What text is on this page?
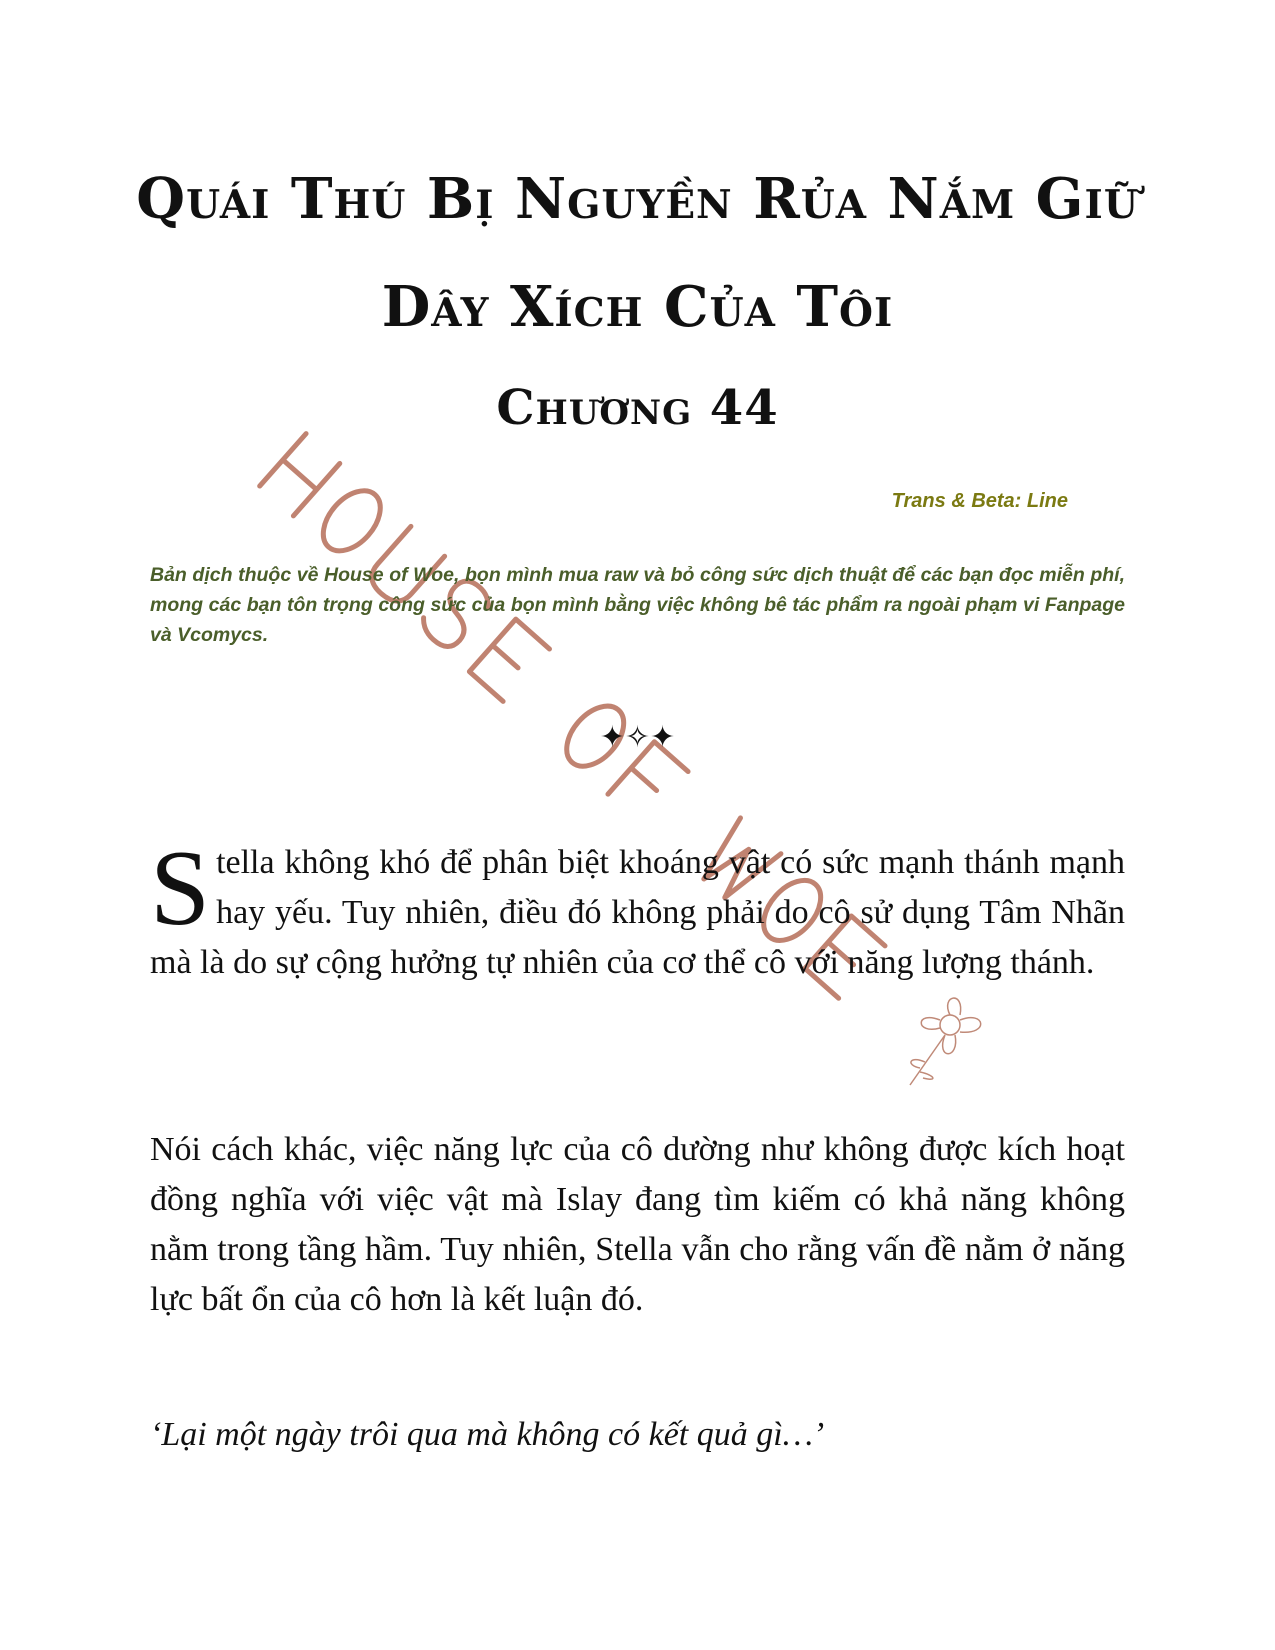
Quái Thú Bị Nguyền Rủa Nắm Giữ
Dây Xích Của Tôi
Chương 44
Trans & Beta: Line
Bản dịch thuộc về House of Woe, bọn mình mua raw và bỏ công sức dịch thuật để các bạn đọc miễn phí, mong các bạn tôn trọng công sức của bọn mình bằng việc không bê tác phẩm ra ngoài phạm vi Fanpage và Vcomycs.
✦✧✦
Stella không khó để phân biệt khoáng vật có sức mạnh thánh mạnh hay yếu. Tuy nhiên, điều đó không phải do cô sử dụng Tâm Nhãn mà là do sự cộng hưởng tự nhiên của cơ thể cô với năng lượng thánh.
Nói cách khác, việc năng lực của cô dường như không được kích hoạt đồng nghĩa với việc vật mà Islay đang tìm kiếm có khả năng không nằm trong tầng hầm. Tuy nhiên, Stella vẫn cho rằng vấn đề nằm ở năng lực bất ổn của cô hơn là kết luận đó.
‘Lại một ngày trôi qua mà không có kết quả gì…’
